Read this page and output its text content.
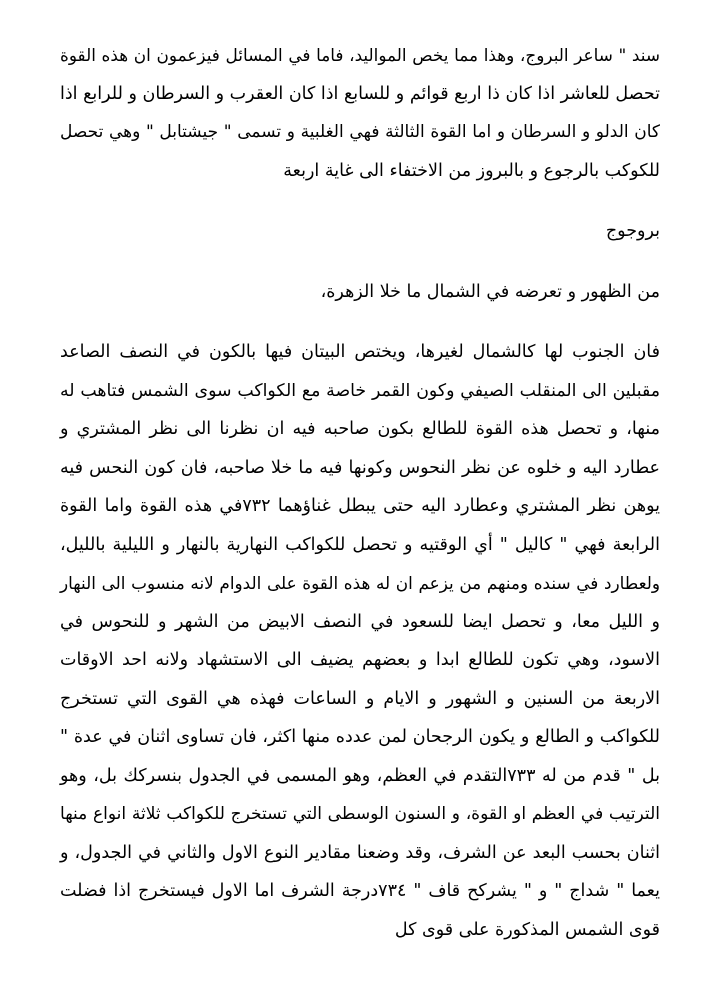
سند " ساعر البروج، وهذا مما يخص المواليد، فاما في المسائل فيزعمون ان هذه القوة
تحصل للعاشر اذا كان ذا اربع قوائم و للسابع اذا كان العقرب و السرطان و للرابع اذا
كان الدلو و السرطان و اما القوة الثالثة فهي الغلبية و تسمى " جيشتابل " وهي تحصل
للكوكب بالرجوع و بالبروز من الاختفاء الى غاية اربعة

بروجوج

من الظهور و تعرضه في الشمال ما خلا الزهرة،

فان الجنوب لها كالشمال لغيرها، ويختص البيتان فيها بالكون في النصف الصاعد
مقبلين الى المنقلب الصيفي وكون القمر خاصة مع الكواكب سوى الشمس فتاهب له
منها، و تحصل هذه القوة للطالع بكون صاحبه فيه ان نظرنا الى نظر المشتري و
عطارد اليه و خلوه عن نظر النحوس وكونها فيه ما خلا صاحبه، فان كون النحس فيه
يوهن نظر المشتري وعطارد اليه حتى يبطل غناؤهما ٧٣٢في هذه القوة واما القوة
الرابعة فهي " كاليل " أي الوقتيه و تحصل للكواكب النهارية بالنهار و الليلية بالليل،
ولعطارد في سنده ومنهم من يزعم ان له هذه القوة على الدوام لانه منسوب الى النهار
و الليل معا، و تحصل ايضا للسعود في النصف الابيض من الشهر و للنحوس في
الاسود، وهي تكون للطالع ابدا و بعضهم يضيف الى الاستشهاد ولانه احد الاوقات
الاربعة من السنين و الشهور و الايام و الساعات فهذه هي القوى التي تستخرج
للكواكب و الطالع و يكون الرجحان لمن عدده منها اكثر، فان تساوى اثنان في عدة "
بل " قدم من له ٧٣٣التقدم في العظم، وهو المسمى في الجدول بنسركك بل، وهو
الترتيب في العظم او القوة، و السنون الوسطى التي تستخرج للكواكب ثلاثة انواع منها
اثنان بحسب البعد عن الشرف، وقد وضعنا مقادير النوع الاول والثاني في الجدول، و
يعما " شداج " و " يشركح قاف " ٧٣٤درجة الشرف اما الاول فيستخرج اذا فضلت
قوى الشمس المذكورة على قوى كل
